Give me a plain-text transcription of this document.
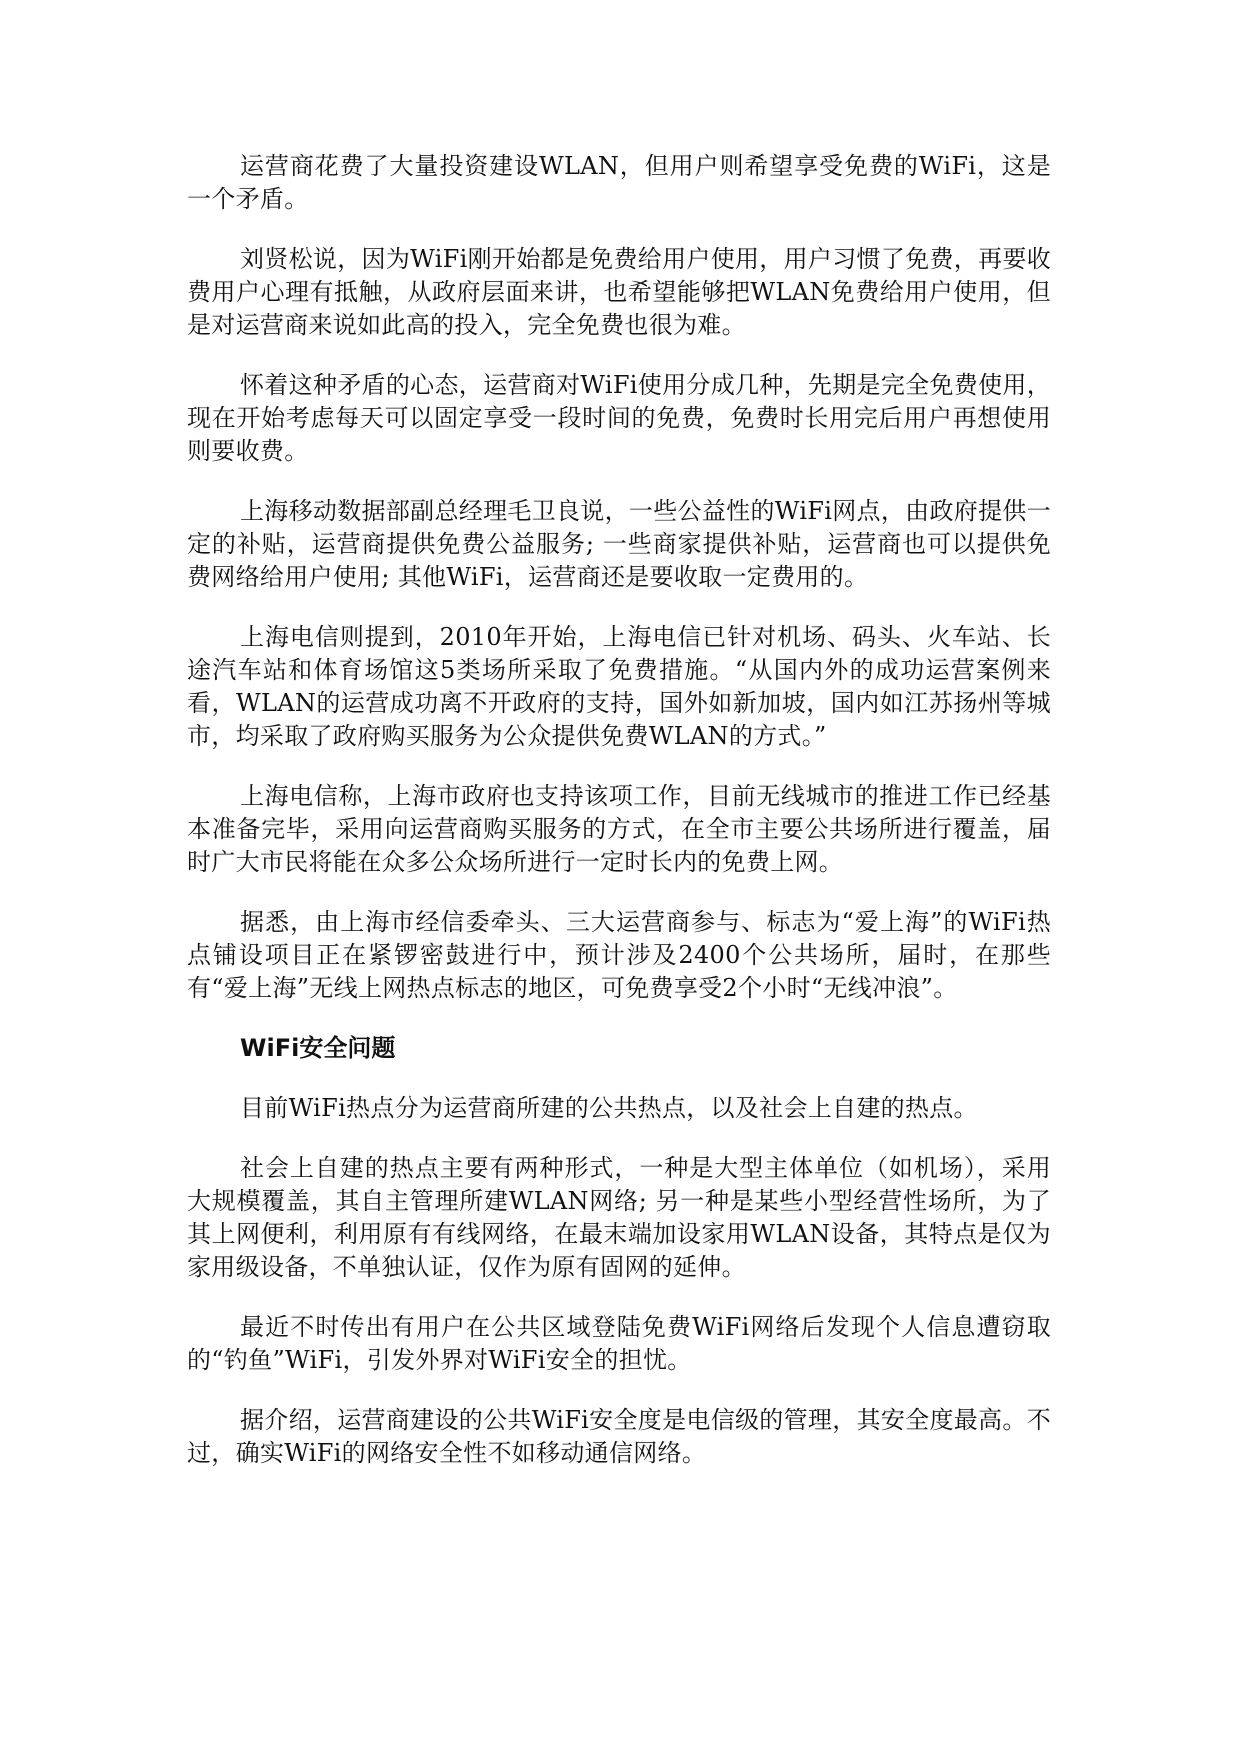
运营商花费了大量投资建设WLAN，但用户则希望享受免费的WiFi，这是一个矛盾。

刘贤松说，因为WiFi刚开始都是免费给用户使用，用户习惯了免费，再要收费用户心理有抵触，从政府层面来讲，也希望能够把WLAN免费给用户使用，但是对运营商来说如此高的投入，完全免费也很为难。

怀着这种矛盾的心态，运营商对WiFi使用分成几种，先期是完全免费使用，现在开始考虑每天可以固定享受一段时间的免费，免费时长用完后用户再想使用则要收费。

上海移动数据部副总经理毛卫良说，一些公益性的WiFi网点，由政府提供一定的补贴，运营商提供免费公益服务; 一些商家提供补贴，运营商也可以提供免费网络给用户使用; 其他WiFi，运营商还是要收取一定费用的。

上海电信则提到，2010年开始，上海电信已针对机场、码头、火车站、长途汽车站和体育场馆这5类场所采取了免费措施。“从国内外的成功运营案例来看，WLAN的运营成功离不开政府的支持，国外如新加坡，国内如江苏扬州等城市，均采取了政府购买服务为公众提供免费WLAN的方式。”

上海电信称，上海市政府也支持该项工作，目前无线城市的推进工作已经基本准备完毕，采用向运营商购买服务的方式，在全市主要公共场所进行覆盖，届时广大市民将能在众多公众场所进行一定时长内的免费上网。

据悉，由上海市经信委牵头、三大运营商参与、标志为“爱上海”的WiFi热点铺设项目正在紧锣密鼓进行中，预计涉及2400个公共场所，届时，在那些有“爱上海”无线上网热点标志的地区，可免费享受2个小时“无线冲浪”。

WiFi安全问题

目前WiFi热点分为运营商所建的公共热点，以及社会上自建的热点。

社会上自建的热点主要有两种形式，一种是大型主体单位（如机场），采用大规模覆盖，其自主管理所建WLAN网络; 另一种是某些小型经营性场所，为了其上网便利，利用原有有线网络，在最末端加设家用WLAN设备，其特点是仅为家用级设备，不单独认证，仅作为原有固网的延伸。

最近不时传出有用户在公共区域登陆免费WiFi网络后发现个人信息遭窃取的“钓鱼”WiFi，引发外界对WiFi安全的担忧。

据介绍，运营商建设的公共WiFi安全度是电信级的管理，其安全度最高。不过，确实WiFi的网络安全性不如移动通信网络。
